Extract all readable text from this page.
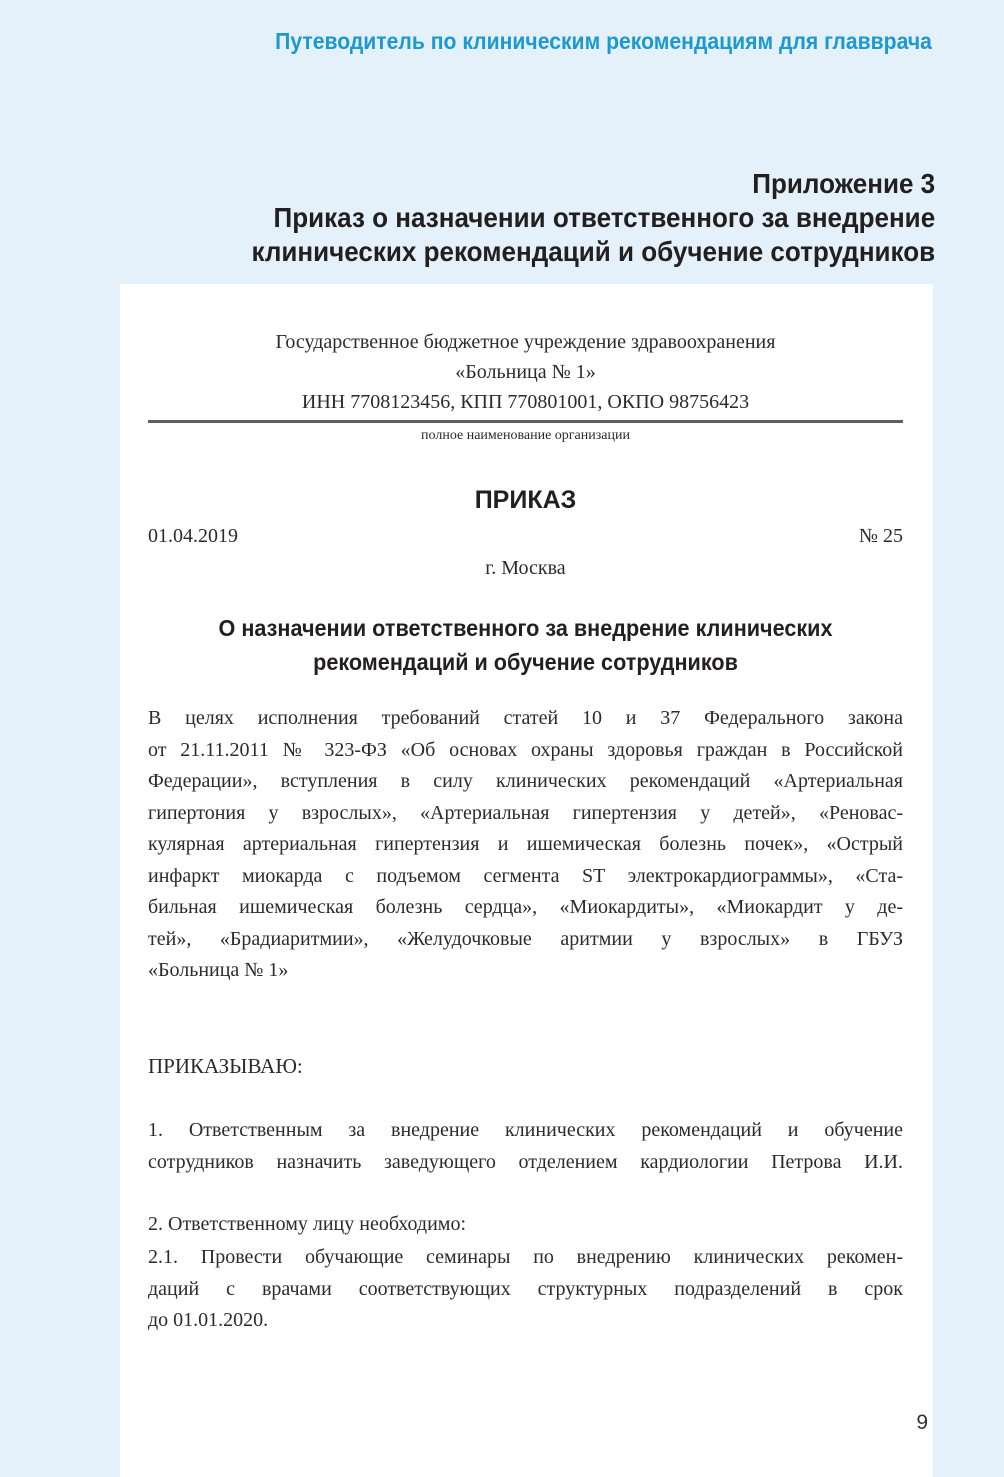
Путеводитель по клиническим рекомендациям для главврача
Приложение 3
Приказ о назначении ответственного за внедрение
клинических рекомендаций и обучение сотрудников
Государственное бюджетное учреждение здравоохранения
«Больница № 1»
ИНН 7708123456, КПП 770801001, ОКПО 98756423
полное наименование организации
ПРИКАЗ
01.04.2019	№ 25
г. Москва
О назначении ответственного за внедрение клинических
рекомендаций и обучение сотрудников
В целях исполнения требований статей 10 и 37 Федерального закона
от 21.11.2011 № 323-ФЗ «Об основах охраны здоровья граждан в Российской
Федерации», вступления в силу клинических рекомендаций «Артериальная
гипертония у взрослых», «Артериальная гипертензия у детей», «Реновас-
кулярная артериальная гипертензия и ишемическая болезнь почек», «Острый
инфаркт миокарда с подъемом сегмента ST электрокардиограммы», «Ста-
бильная ишемическая болезнь сердца», «Миокардиты», «Миокардит у де-
тей», «Брадиаритмии», «Желудочковые аритмии у взрослых» в ГБУЗ
«Больница № 1»
ПРИКАЗЫВАЮ:
1. Ответственным за внедрение клинических рекомендаций и обучение
сотрудников назначить заведующего отделением кардиологии Петрова И.И.
2. Ответственному лицу необходимо:
2.1. Провести обучающие семинары по внедрению клинических рекомен-
даций с врачами соответствующих структурных подразделений в срок
до 01.01.2020.
9
